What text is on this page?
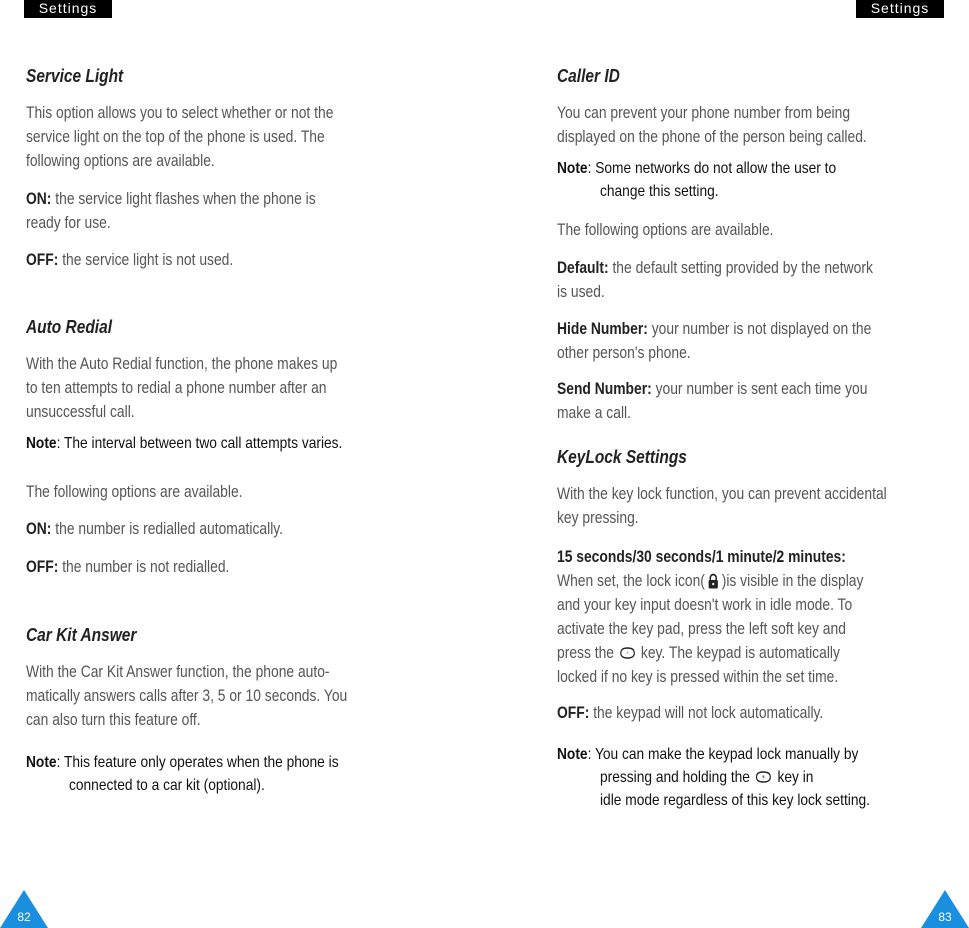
Settings	Settings
Service Light

This option allows you to select whether or not the

service light on the top of the phone is used. The

following options are available.

ON: the service light flashes when the phone is

ready for use.

OFF: the service light is not used.

Auto Redial

With the Auto Redial function, the phone makes up

to ten attempts to redial a phone number after an

unsuccessful call.

Note: The interval between two call attempts varies.

The following options are available.

ON: the number is redialled automatically.

OFF: the number is not redialled.

Car Kit Answer

With the Car Kit Answer function, the phone auto-

matically answers calls after 3, 5 or 10 seconds. You

can also turn this feature off.

Note: This feature only operates when the phone is
connected to a car kit (optional).

Caller ID

You can prevent your phone number from being

displayed on the phone of the person being called.

Note: Some networks do not allow the user to
change this setting.

The following options are available.

Default: the default setting provided by the network

is used.

Hide Number: your number is not displayed on the

other person's phone.

Send Number: your number is sent each time you

make a call.

KeyLock Settings

With the key lock function, you can prevent accidental

key pressing.

15 seconds/30 seconds/1 minute/2 minutes:

When set, the lock icon( )is visible in the display

and your key input doesn't work in idle mode. To

activate the key pad, press the left soft key and

press the * key. The keypad is automatically

locked if no key is pressed within the set time.

OFF: the keypad will not lock automatically.

Note: You can make the keypad lock manually by
pressing and holding the * key in
idle mode regardless of this key lock setting.

82	83
